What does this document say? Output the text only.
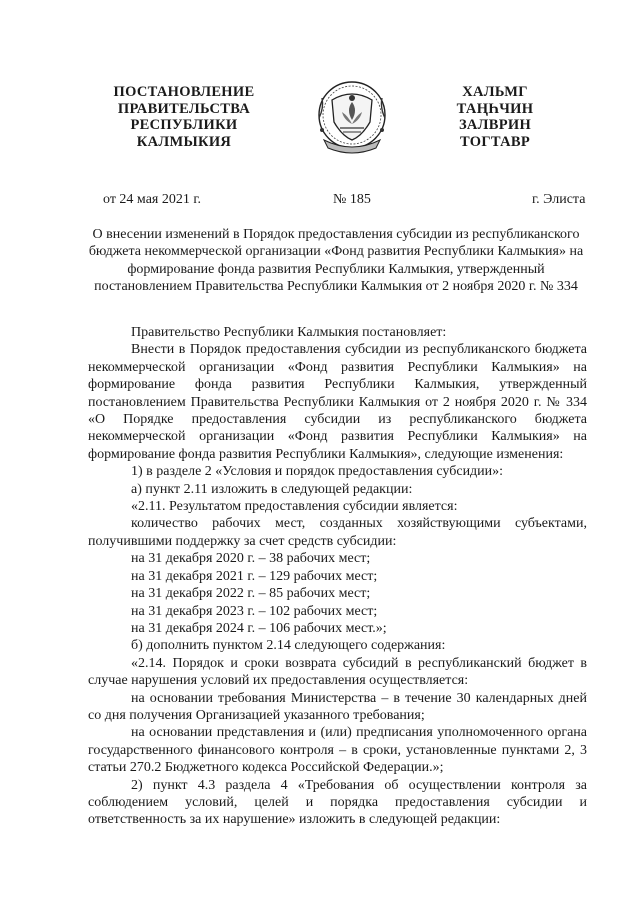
ПОСТАНОВЛЕНИЕ
ПРАВИТЕЛЬСТВА
РЕСПУБЛИКИ
КАЛМЫКИЯ
ХАЛЬМГ
ТАҢҺЧИН
ЗАЛВРИН
ТОГТАВР
от 24 мая 2021 г.	№ 185	г. Элиста
О внесении изменений в Порядок предоставления субсидии из республиканского бюджета некоммерческой организации «Фонд развития Республики Калмыкия» на формирование фонда развития Республики Калмыкия, утвержденный постановлением Правительства Республики Калмыкия от 2 ноября 2020 г. № 334

Правительство Республики Калмыкия постановляет:

Внести в Порядок предоставления субсидии из республиканского бюджета некоммерческой организации «Фонд развития Республики Калмыкия» на формирование фонда развития Республики Калмыкия, утвержденный постановлением Правительства Республики Калмыкия от 2 ноября 2020 г. № 334 «О Порядке предоставления субсидии из республиканского бюджета некоммерческой организации «Фонд развития Республики Калмыкия» на формирование фонда развития Республики Калмыкия», следующие изменения:

1) в разделе 2 «Условия и порядок предоставления субсидии»:

а) пункт 2.11 изложить в следующей редакции:

«2.11. Результатом предоставления субсидии является:

количество рабочих мест, созданных хозяйствующими субъектами, получившими поддержку за счет средств субсидии:

на 31 декабря 2020 г. – 38 рабочих мест;

на 31 декабря 2021 г. – 129 рабочих мест;

на 31 декабря 2022 г. – 85 рабочих мест;

на 31 декабря 2023 г. – 102 рабочих мест;

на 31 декабря 2024 г. – 106 рабочих мест.»;

б) дополнить пунктом 2.14 следующего содержания:

«2.14. Порядок и сроки возврата субсидий в республиканский бюджет в случае нарушения условий их предоставления осуществляется:

на основании требования Министерства – в течение 30 календарных дней со дня получения Организацией указанного требования;

на основании представления и (или) предписания уполномоченного органа государственного финансового контроля – в сроки, установленные пунктами 2, 3 статьи 270.2 Бюджетного кодекса Российской Федерации.»;

2) пункт 4.3 раздела 4 «Требования об осуществлении контроля за соблюдением условий, целей и порядка предоставления субсидии и ответственность за их нарушение» изложить в следующей редакции:
